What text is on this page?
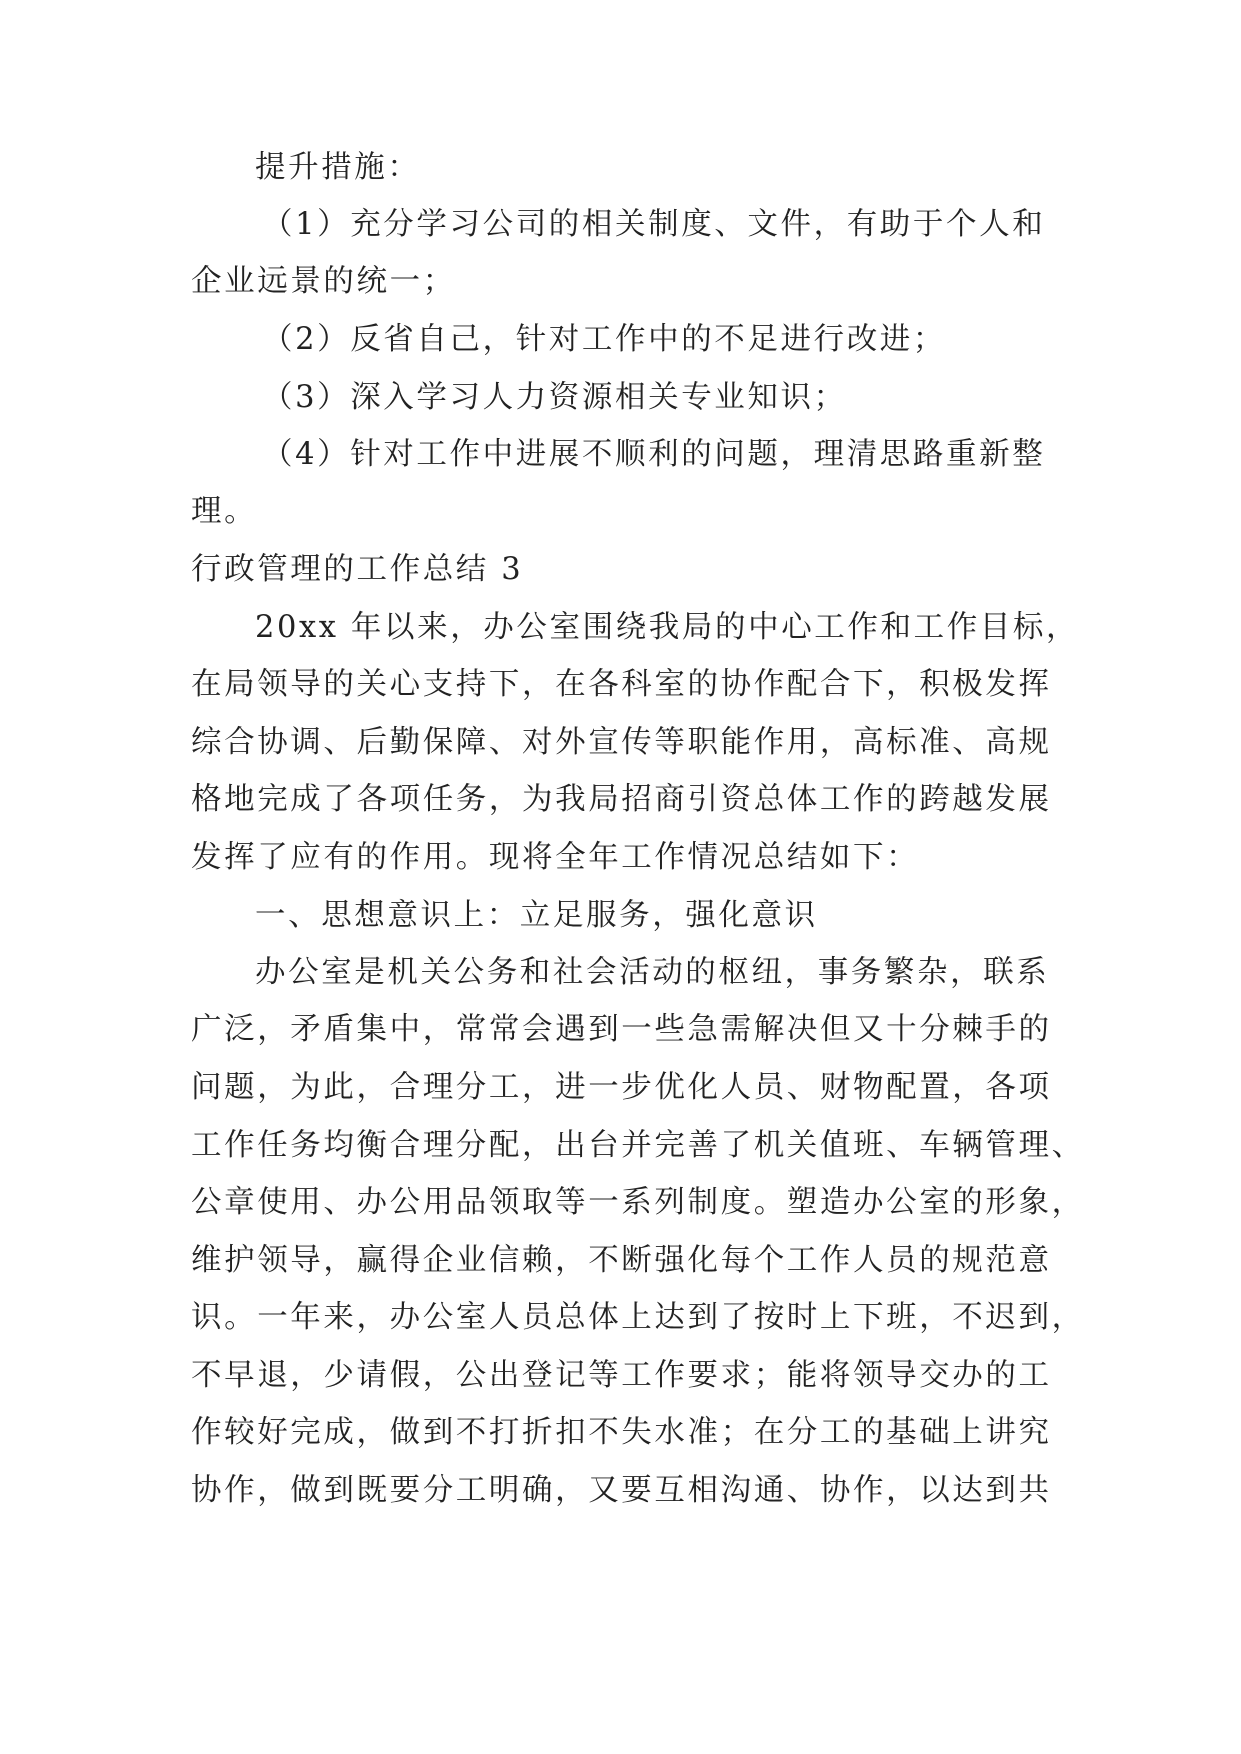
提升措施：
（1）充分学习公司的相关制度、文件，有助于个人和
企业远景的统一；
（2）反省自己，针对工作中的不足进行改进；
（3）深入学习人力资源相关专业知识；
（4）针对工作中进展不顺利的问题，理清思路重新整
理。
行政管理的工作总结 3
20xx 年以来，办公室围绕我局的中心工作和工作目标，
在局领导的关心支持下，在各科室的协作配合下，积极发挥
综合协调、后勤保障、对外宣传等职能作用，高标准、高规
格地完成了各项任务，为我局招商引资总体工作的跨越发展
发挥了应有的作用。现将全年工作情况总结如下：
一、思想意识上：立足服务，强化意识
办公室是机关公务和社会活动的枢纽，事务繁杂，联系
广泛，矛盾集中，常常会遇到一些急需解决但又十分棘手的
问题，为此，合理分工，进一步优化人员、财物配置，各项
工作任务均衡合理分配，出台并完善了机关值班、车辆管理、
公章使用、办公用品领取等一系列制度。塑造办公室的形象，
维护领导，赢得企业信赖，不断强化每个工作人员的规范意
识。一年来，办公室人员总体上达到了按时上下班，不迟到，
不早退，少请假，公出登记等工作要求；能将领导交办的工
作较好完成，做到不打折扣不失水准；在分工的基础上讲究
协作，做到既要分工明确，又要互相沟通、协作，以达到共
